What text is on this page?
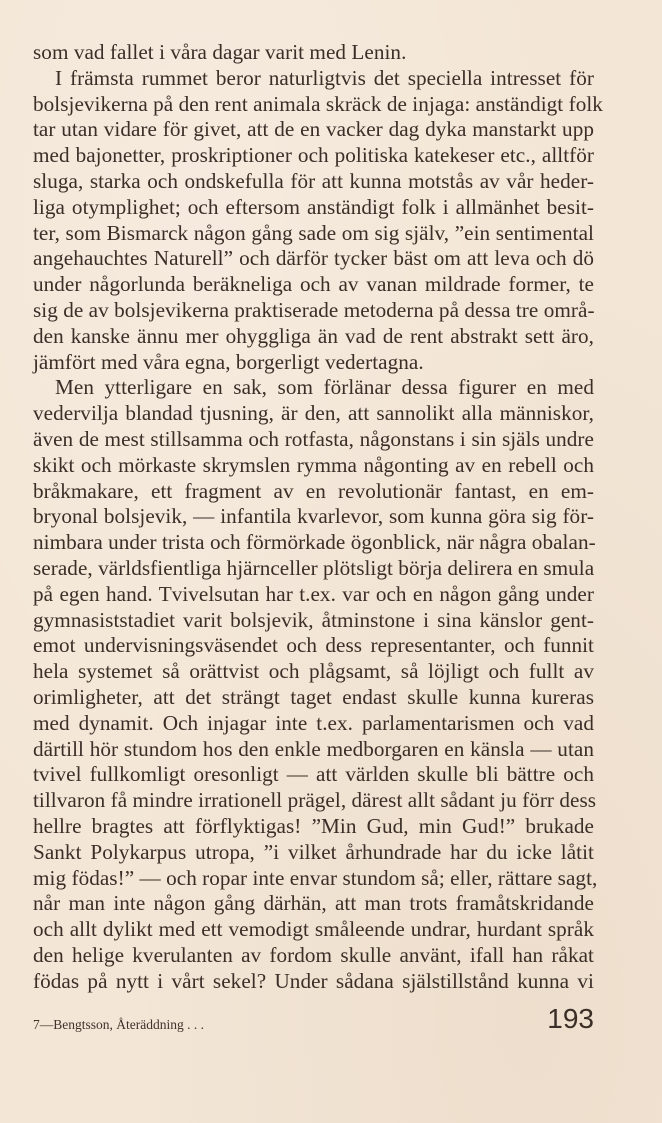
som vad fallet i våra dagar varit med Lenin.
I främsta rummet beror naturligtvis det speciella intresset för
bolsjevikerna på den rent animala skräck de injaga: anständigt folk
tar utan vidare för givet, att de en vacker dag dyka manstarkt upp
med bajonetter, proskriptioner och politiska katekeser etc., alltför
sluga, starka och ondskefulla för att kunna motstås av vår heder-
liga otymplighet; och eftersom anständigt folk i allmänhet besit-
ter, som Bismarck någon gång sade om sig själv, ”ein sentimental
angehauchtes Naturell” och därför tycker bäst om att leva och dö
under någorlunda beräkneliga och av vanan mildrade former, te
sig de av bolsjevikerna praktiserade metoderna på dessa tre områ-
den kanske ännu mer ohyggliga än vad de rent abstrakt sett äro,
jämfört med våra egna, borgerligt vedertagna.
Men ytterligare en sak, som förlänar dessa figurer en med
vedervilja blandad tjusning, är den, att sannolikt alla människor,
även de mest stillsamma och rotfasta, någonstans i sin själs undre
skikt och mörkaste skrymslen rymma någonting av en rebell och
bråkmakare, ett fragment av en revolutionär fantast, en em-
bryonal bolsjevik, — infantila kvarlevor, som kunna göra sig för-
nimbara under trista och förmörkade ögonblick, när några obalan-
serade, världsfientliga hjärnceller plötsligt börja delirera en smula
på egen hand. Tvivelsutan har t.ex. var och en någon gång under
gymnasiststadiet varit bolsjevik, åtminstone i sina känslor gent-
emot undervisningsväsendet och dess representanter, och funnit
hela systemet så orättvist och plågsamt, så löjligt och fullt av
orimligheter, att det strängt taget endast skulle kunna kureras
med dynamit. Och injagar inte t.ex. parlamentarismen och vad
därtill hör stundom hos den enkle medborgaren en känsla — utan
tvivel fullkomligt oresonligt — att världen skulle bli bättre och
tillvaron få mindre irrationell prägel, därest allt sådant ju förr dess
hellre bragtes att förflyktigas! ”Min Gud, min Gud!” brukade
Sankt Polykarpus utropa, ”i vilket århundrade har du icke låtit
mig födas!” — och ropar inte envar stundom så; eller, rättare sagt,
når man inte någon gång därhän, att man trots framåtskridande
och allt dylikt med ett vemodigt småleende undrar, hurdant språk
den helige kverulanten av fordom skulle använt, ifall han råkat
födas på nytt i vårt sekel? Under sådana själstillstånd kunna vi
7—Bengtsson, Återäddning . . .	193
